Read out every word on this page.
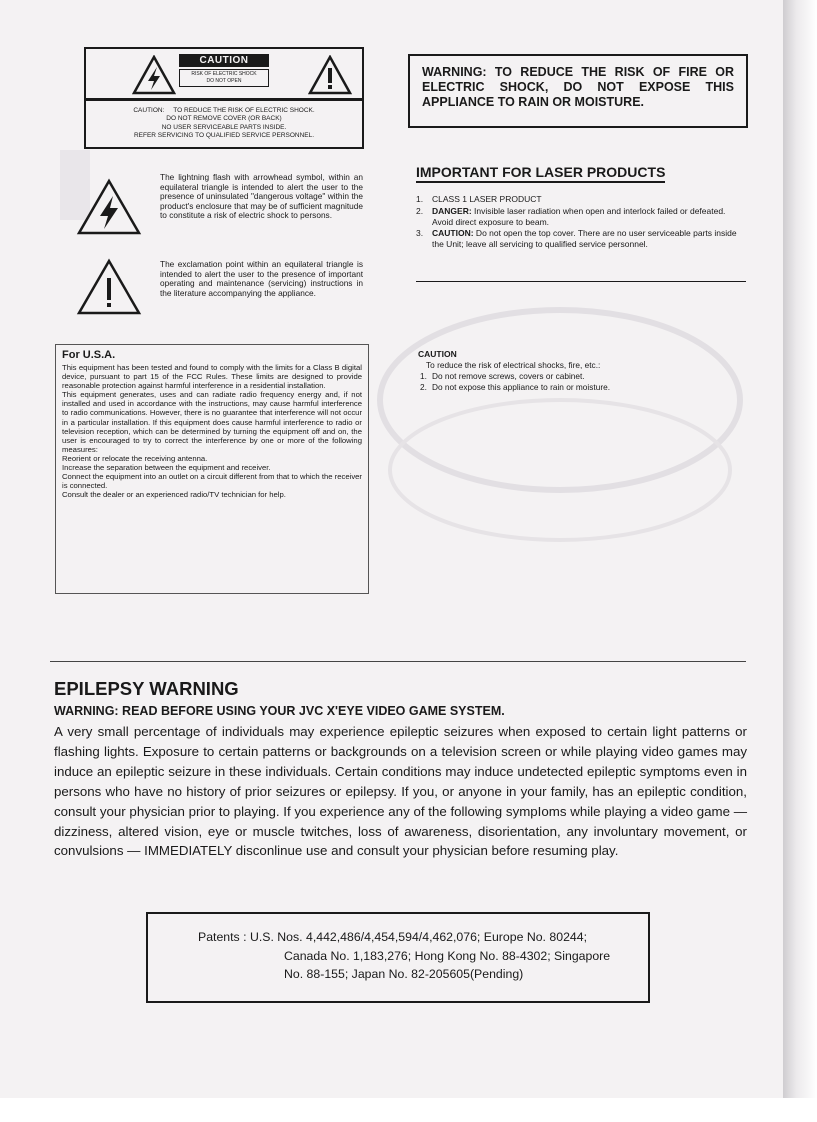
CAUTION
RISK OF ELECTRIC SHOCK
DO NOT OPEN
CAUTION:     TO REDUCE THE RISK OF ELECTRIC SHOCK.
DO NOT REMOVE COVER (OR BACK)
NO USER SERVICEABLE PARTS INSIDE.
REFER SERVICING TO QUALIFIED SERVICE PERSONNEL.
The lightning flash with arrowhead symbol, within an equilateral triangle is intended to alert the user to the presence of uninsulated "dangerous voltage" within the product's enclosure that may be of sufficient magnitude to constitute a risk of electric shock to persons.
The exclamation point within an equilateral triangle is intended to alert the user to the presence of important operating and maintenance (servicing) instructions in the literature accompanying the appliance.
WARNING: TO REDUCE THE RISK OF FIRE OR ELECTRIC SHOCK, DO NOT EXPOSE THIS APPLIANCE TO RAIN OR MOISTURE.
IMPORTANT FOR LASER PRODUCTS
1. CLASS 1 LASER PRODUCT
2. DANGER: Invisible laser radiation when open and interlock failed or defeated. Avoid direct exposure to beam.
3. CAUTION: Do not open the top cover. There are no user serviceable parts inside the Unit; leave all servicing to qualified service personnel.
For U.S.A.

This equipment has been tested and found to comply with the limits for a Class B digital device, pursuant to part 15 of the FCC Rules. These limits are designed to provide reasonable protection against harmful interference in a residential installation.

This equipment generates, uses and can radiate radio frequency energy and, if not installed and used in accordance with the instructions, may cause harmful interference to radio communications. However, there is no guarantee that interference will not occur in a particular installation. If this equipment does cause harmful interference to radio or television reception, which can be determined by turning the equipment off and on, the user is encouraged to try to correct the interference by one or more of the following measures:

Reorient or relocate the receiving antenna.

Increase the separation between the equipment and receiver.

Connect the equipment into an outlet on a circuit different from that to which the receiver is connected.

Consult the dealer or an experienced radio/TV technician for help.

CAUTION
To reduce the risk of electrical shocks, fire, etc.:
1. Do not remove screws, covers or cabinet.
2. Do not expose this appliance to rain or moisture.
EPILEPSY WARNING
WARNING: READ BEFORE USING YOUR JVC X'EYE VIDEO GAME SYSTEM.
A very small percentage of individuals may experience epileptic seizures when exposed to certain light patterns or flashing lights. Exposure to certain patterns or backgrounds on a television screen or while playing video games may induce an epileptic seizure in these individuals. Certain conditions may induce undetected epileptic symptoms even in persons who have no history of prior seizures or epilepsy. If you, or anyone in your family, has an epileptic condition, consult your physician prior to playing. If you experience any of the following sympIoms while playing a video game — dizziness, altered vision, eye or muscle twitches, loss of awareness, disorientation, any involuntary movement, or convulsions — IMMEDIATELY disconlinue use and consult your physician before resuming play.
Patents : U.S. Nos. 4,442,486/4,454,594/4,462,076; Europe No. 80244;
Canada No. 1,183,276; Hong Kong No. 88-4302; Singapore
No. 88-155; Japan No. 82-205605(Pending)
